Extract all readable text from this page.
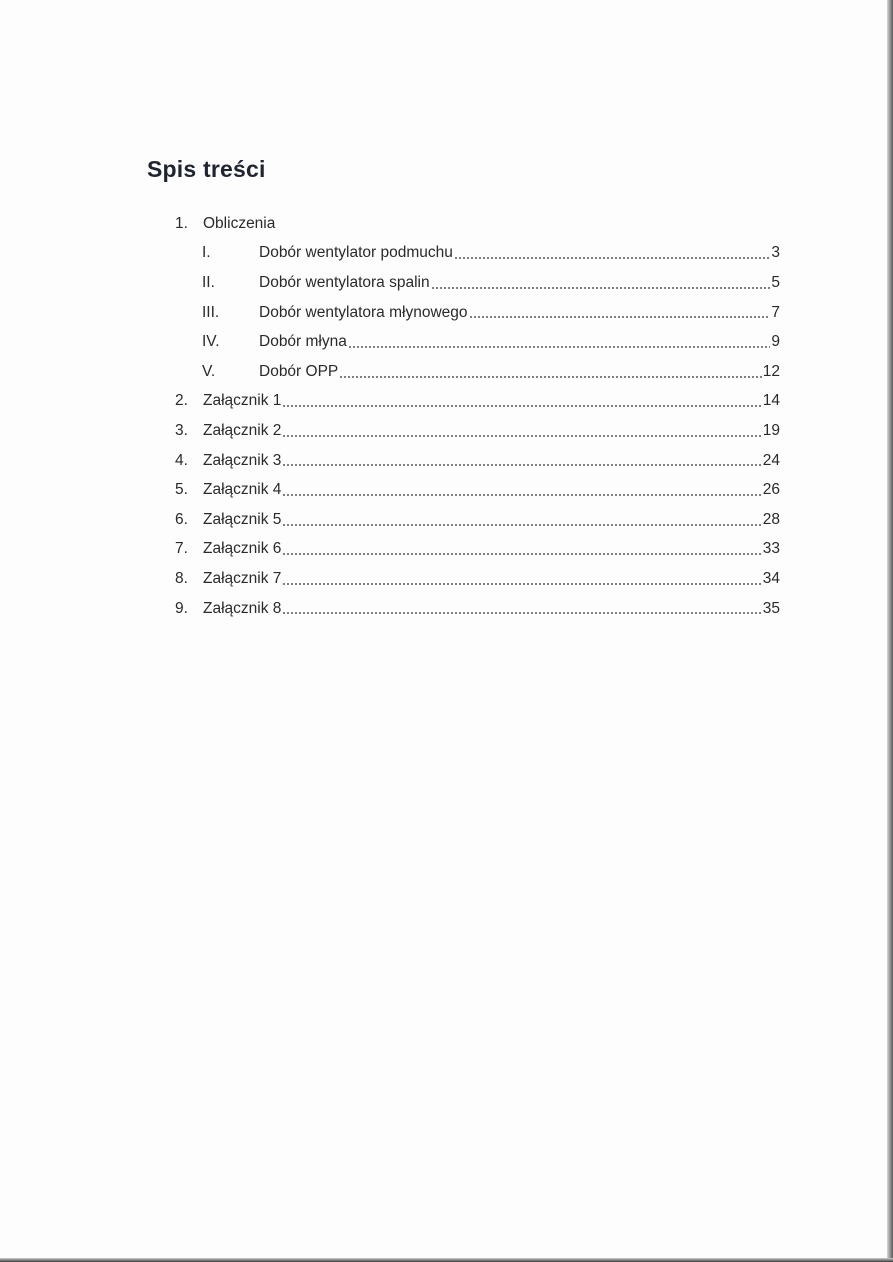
Spis treści
1. Obliczenia
I.	Dobór wentylator podmuchu	3
II.	Dobór wentylatora spalin	5
III.	Dobór wentylatora młynowego	7
IV.	Dobór młyna	9
V.	Dobór OPP	12
2. Załącznik 1	14
3. Załącznik 2	19
4. Załącznik 3	24
5. Załącznik 4	26
6. Załącznik 5	28
7. Załącznik 6	33
8. Załącznik 7	34
9. Załącznik 8	35
